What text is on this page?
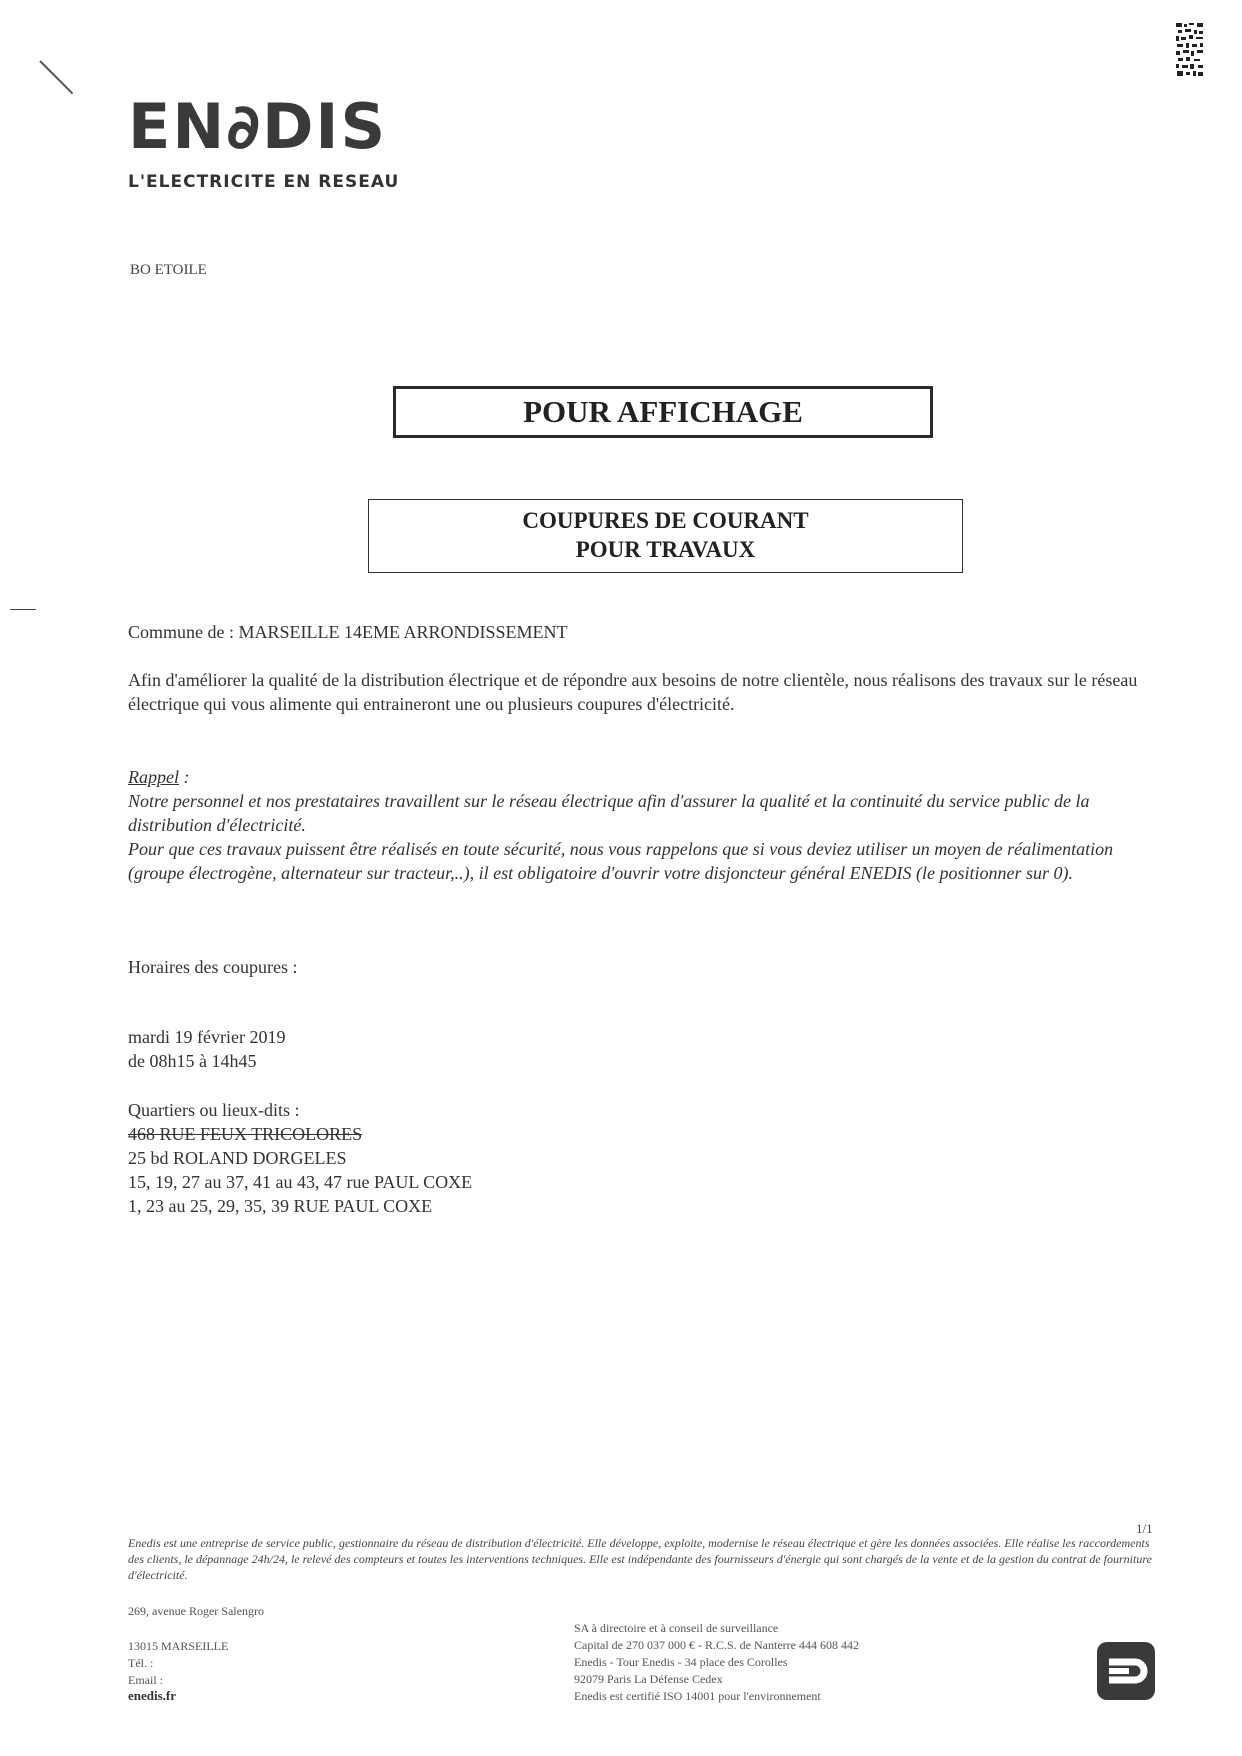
EN∂DIS
L'ELECTRICITE EN RESEAU
BO ETOILE
POUR AFFICHAGE
COUPURES DE COURANT
POUR TRAVAUX
Commune de : MARSEILLE 14EME ARRONDISSEMENT
Afin d'améliorer la qualité de la distribution électrique et de répondre aux besoins de notre clientèle, nous réalisons des travaux sur le réseau électrique qui vous alimente qui entraineront une ou plusieurs coupures d'électricité.
Rappel :
Notre personnel et nos prestataires travaillent sur le réseau électrique afin d'assurer la qualité et la continuité du service public de la distribution d'électricité.
Pour que ces travaux puissent être réalisés en toute sécurité, nous vous rappelons que si vous deviez utiliser un moyen de réalimentation (groupe électrogène, alternateur sur tracteur,..), il est obligatoire d'ouvrir votre disjoncteur général ENEDIS (le positionner sur 0).
Horaires des coupures :
mardi 19 février 2019
de 08h15 à 14h45
Quartiers ou lieux-dits :
468 RUE FEUX TRICOLORES
25 bd ROLAND DORGELES
15, 19, 27 au 37, 41 au 43, 47 rue PAUL COXE
1, 23 au 25, 29, 35, 39 RUE PAUL COXE
1/1
Enedis est une entreprise de service public, gestionnaire du réseau de distribution d'électricité. Elle développe, exploite, modernise le réseau électrique et gère les données associées. Elle réalise les raccordements des clients, le dépannage 24h/24, le relevé des compteurs et toutes les interventions techniques. Elle est indépendante des fournisseurs d'énergie qui sont chargés de la vente et de la gestion du contrat de fourniture d'électricité.
269, avenue Roger Salengro
13015 MARSEILLE
Tél. :
Email :
enedis.fr
SA à directoire et à conseil de surveillance
Capital de 270 037 000 € - R.C.S. de Nanterre 444 608 442
Enedis - Tour Enedis - 34 place des Corolles
92079 Paris La Défense Cedex
Enedis est certifié ISO 14001 pour l'environnement
